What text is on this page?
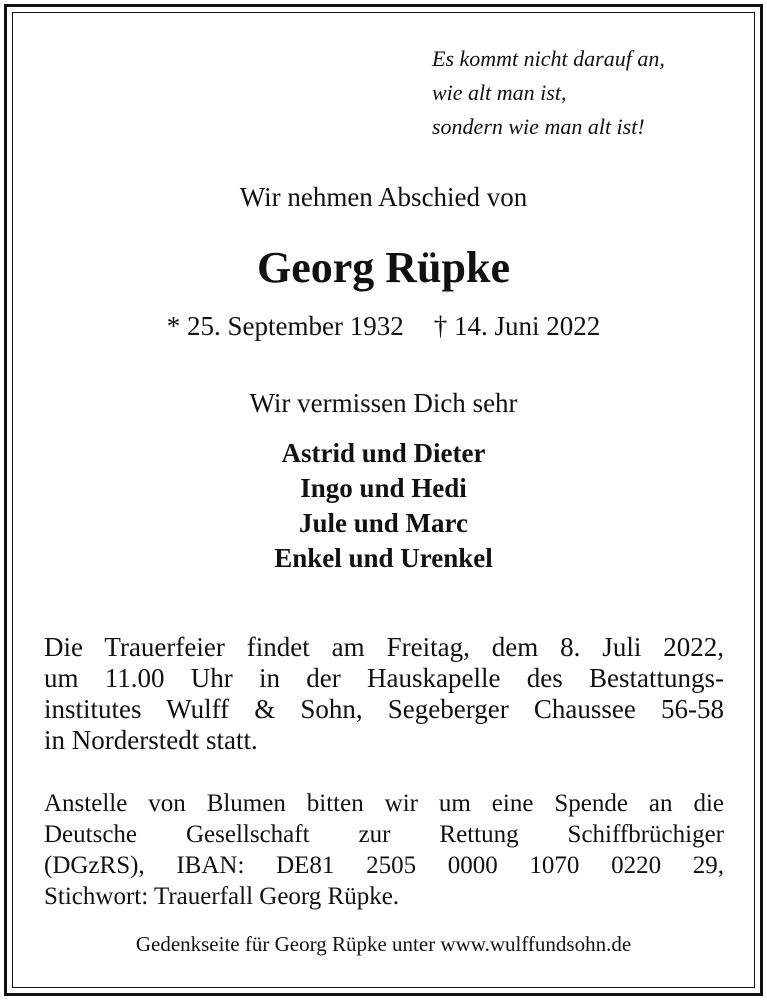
Es kommt nicht darauf an,
wie alt man ist,
sondern wie man alt ist!
Wir nehmen Abschied von
Georg Rüpke
* 25. September 1932 † 14. Juni 2022
Wir vermissen Dich sehr
Astrid und Dieter
Ingo und Hedi
Jule und Marc
Enkel und Urenkel
Die Trauerfeier findet am Freitag, dem 8. Juli 2022,
um 11.00 Uhr in der Hauskapelle des Bestattungs-
institutes Wulff & Sohn, Segeberger Chaussee 56-58
in Norderstedt statt.
Anstelle von Blumen bitten wir um eine Spende an die
Deutsche Gesellschaft zur Rettung Schiffbrüchiger
(DGzRS), IBAN: DE81 2505 0000 1070 0220 29,
Stichwort: Trauerfall Georg Rüpke.
Gedenkseite für Georg Rüpke unter www.wulffundsohn.de
